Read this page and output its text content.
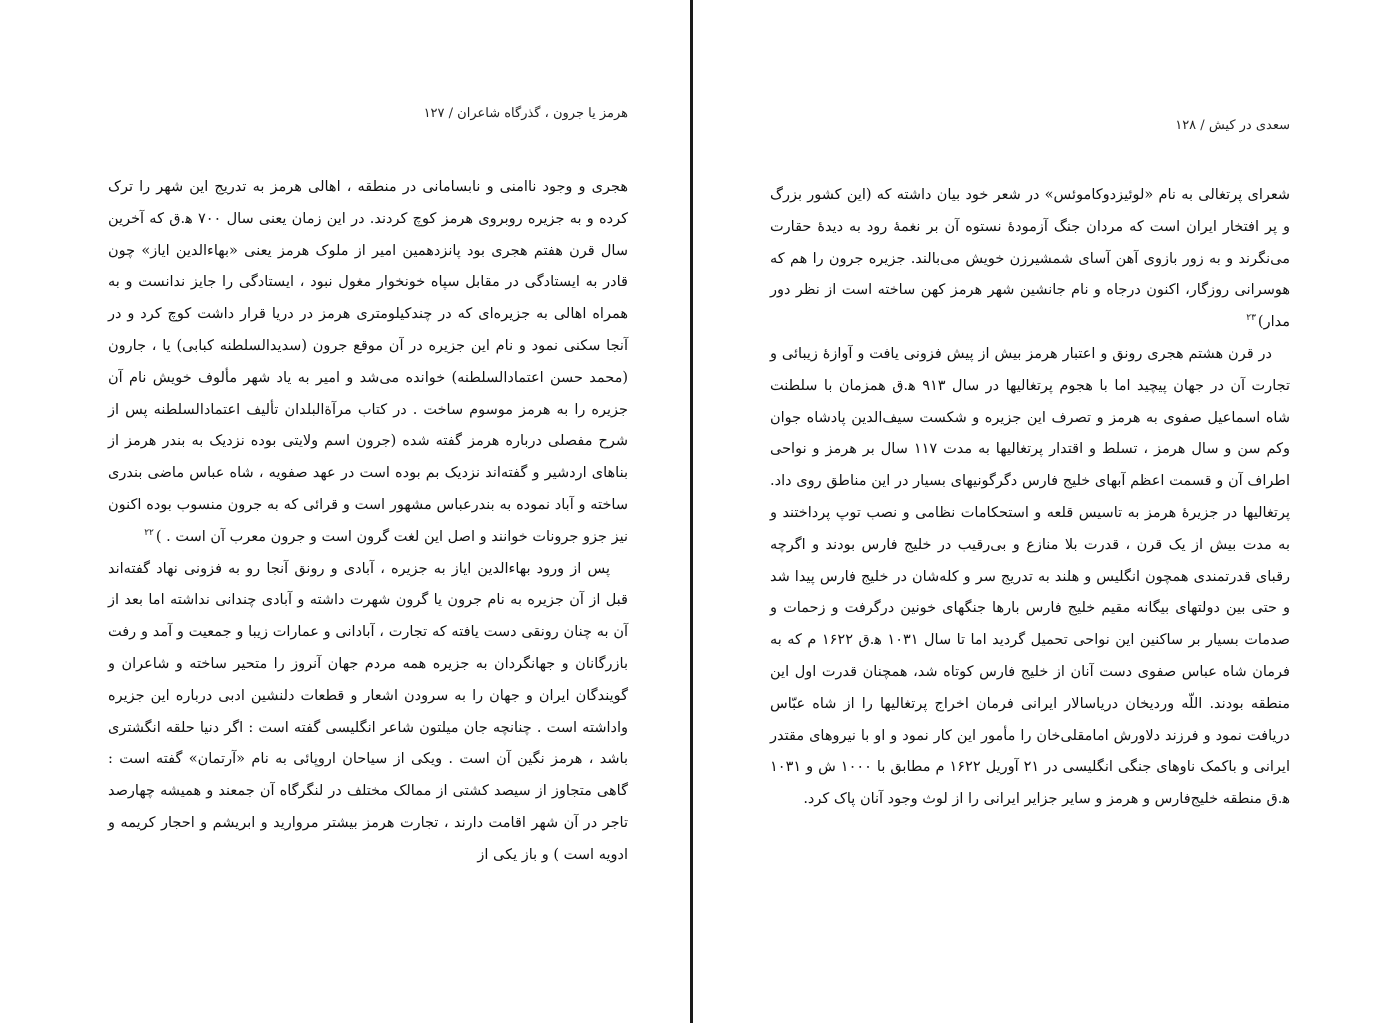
هرمز یا جرون ، گذرگاه شاعران / ۱۲۷

هجری و وجود ناامنی و نابسامانی در منطقه ، اهالی هرمز به تدریج این شهر را ترک کرده و به جزیره روبروی هرمز کوچ کردند. در این زمان یعنی سال ۷۰۰ ه‍.ق که آخرین سال قرن هفتم هجری بود پانزدهمین امیر از ملوک هرمز یعنی «بهاءالدین ایاز» چون قادر به ایستادگی در مقابل سپاه خونخوار مغول نبود ، ایستادگی را جایز ندانست و به همراه اهالی به جزیره‌ای که در چندکیلومتری هرمز در دریا قرار داشت کوچ کرد و در آنجا سکنی نمود و نام این جزیره در آن موقع جرون (سدیدالسلطنه کبابی) یا ، جارون (محمد حسن اعتمادالسلطنه) خوانده می‌شد و امیر به یاد شهر مألوف خویش نام آن جزیره را به هرمز موسوم ساخت . در کتاب مرآة‌البلدان تألیف اعتمادالسلطنه پس از شرح مفصلی درباره هرمز گفته شده (جرون اسم ولایتی بوده نزدیک به بندر هرمز از بناهای اردشیر و گفته‌اند نزدیک بم بوده است در عهد صفویه ، شاه عباس ماضی بندری ساخته و آباد نموده به بندرعباس مشهور است و قرائی که به جرون منسوب بوده اکنون نیز جزو جرونات خوانند و اصل این لغت گرون است و جرون معرب آن است . )$^{۲۲}$

پس از ورود بهاءالدین ایاز به جزیره ، آبادی و رونق آنجا رو به فزونی نهاد گفته‌اند قبل از آن جزیره به نام جرون یا گرون شهرت داشته و آبادی چندانی نداشته اما بعد از آن به چنان رونقی دست یافته که تجارت ، آبادانی و عمارات زیبا و جمعیت و آمد و رفت بازرگانان و جهانگردان به جزیره همه مردم جهان آنروز را متحیر ساخته و شاعران و گویندگان ایران و جهان را به سرودن اشعار و قطعات دلنشین ادبی درباره این جزیره واداشته است . چنانچه جان میلتون شاعر انگلیسی گفته است : اگر دنیا حلقه انگشتری باشد ، هرمز نگین آن است . ویکی از سیاحان اروپائی به نام «آرتمان» گفته است : گاهی متجاوز از سیصد کشتی از ممالک مختلف در لنگرگاه آن جمعند و همیشه چهارصد تاجر در آن شهر اقامت دارند ، تجارت هرمز بیشتر مروارید و ابریشم و احجار کریمه و ادویه است ) و باز یکی از

سعدی در کیش / ۱۲۸

شعرای پرتغالی به نام «لوئیزدوکاموئس» در شعر خود بیان داشته که (این کشور بزرگ و پر افتخار ایران است که مردان جنگ آزمودهٔ نستوه آن بر نغمهٔ رود به دیدهٔ حقارت می‌نگرند و به زور بازوی آهن آسای شمشیرزن خویش می‌بالند. جزیره جرون را هم که هوسرانی روزگار، اکنون درجاه و نام جانشین شهر هرمز کهن ساخته است از نظر دور مدار)$^{۲۳}$

در قرن هشتم هجری رونق و اعتبار هرمز بیش از پیش فزونی یافت و آوازهٔ زیبائی و تجارت آن در جهان پیچید اما با هجوم پرتغالیها در سال ۹۱۳ ه‍.ق همزمان با سلطنت شاه اسماعیل صفوی به هرمز و تصرف این جزیره و شکست سیف‌الدین پادشاه جوان وکم سن و سال هرمز ، تسلط و اقتدار پرتغالیها به مدت ۱۱۷ سال بر هرمز و نواحی اطراف آن و قسمت اعظم آبهای خلیج فارس دگرگونیهای بسیار در این مناطق روی داد. پرتغالیها در جزیرهٔ هرمز به تاسیس قلعه و استحکامات نظامی و نصب توپ پرداختند و به مدت بیش از یک قرن ، قدرت بلا منازع و بی‌رقیب در خلیج فارس بودند و اگرچه رقبای قدرتمندی همچون انگلیس و هلند به تدریج سر و کله‌شان در خلیج فارس پیدا شد و حتی بین دولتهای بیگانه مقیم خلیج فارس بارها جنگهای خونین درگرفت و زحمات و صدمات بسیار بر ساکنین این نواحی تحمیل گردید اما تا سال ۱۰۳۱ ه‍.ق ۱۶۲۲ م که به فرمان شاه عباس صفوی دست آنان از خلیج فارس کوتاه شد، همچنان قدرت اول این منطقه بودند. اللّه وردیخان دریاسالار ایرانی فرمان اخراج پرتغالیها را از شاه عبّاس دریافت نمود و فرزند دلاورش امامقلی‌خان را مأمور این کار نمود و او با نیروهای مقتدر ایرانی و باکمک ناوهای جنگی انگلیسی در ۲۱ آوریل ۱۶۲۲ م مطابق با ۱۰۰۰ ش و ۱۰۳۱ ه‍.ق منطقه خلیج‌فارس و هرمز و سایر جزایر ایرانی را از لوث وجود آنان پاک کرد.
